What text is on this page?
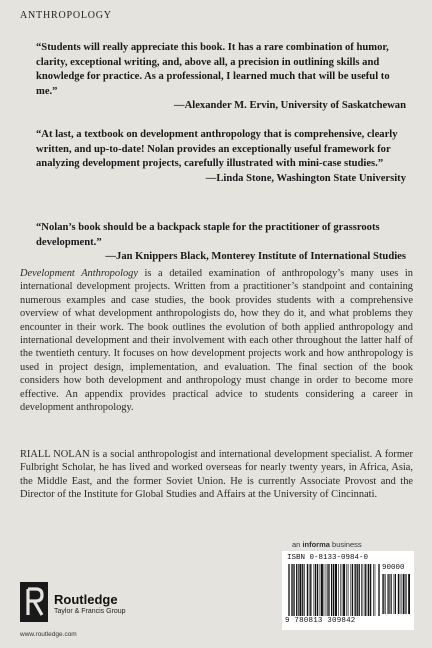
ANTHROPOLOGY
“Students will really appreciate this book. It has a rare combination of humor, clarity, exceptional writing, and, above all, a precision in outlining skills and knowledge for practice. As a professional, I learned much that will be useful to me.”
—Alexander M. Ervin, University of Saskatchewan
“At last, a textbook on development anthropology that is comprehensive, clearly written, and up-to-date! Nolan provides an exceptionally useful framework for analyzing development projects, carefully illustrated with mini-case studies.”
—Linda Stone, Washington State University
“Nolan’s book should be a backpack staple for the practitioner of grassroots development.”
—Jan Knippers Black, Monterey Institute of International Studies
Development Anthropology is a detailed examination of anthropology’s many uses in international development projects. Written from a practitioner’s standpoint and containing numerous examples and case studies, the book provides students with a comprehensive overview of what development anthropologists do, how they do it, and what problems they encounter in their work. The book outlines the evolution of both applied anthropology and international development and their involvement with each other throughout the latter half of the twentieth century. It focuses on how development projects work and how anthropology is used in project design, implementation, and evaluation. The final section of the book considers how both development and anthropology must change in order to become more effective. An appendix provides practical advice to students considering a career in development anthropology.
RIALL NOLAN is a social anthropologist and international development specialist. A former Fulbright Scholar, he has lived and worked overseas for nearly twenty years, in Africa, Asia, the Middle East, and the former Soviet Union. He is currently Associate Provost and the Director of the Institute for Global Studies and Affairs at the University of Cincinnati.
an informa business
ISBN 0-8133-0984-0
90000
9 780813 309842
Routledge
Taylor & Francis Group
www.routledge.com
